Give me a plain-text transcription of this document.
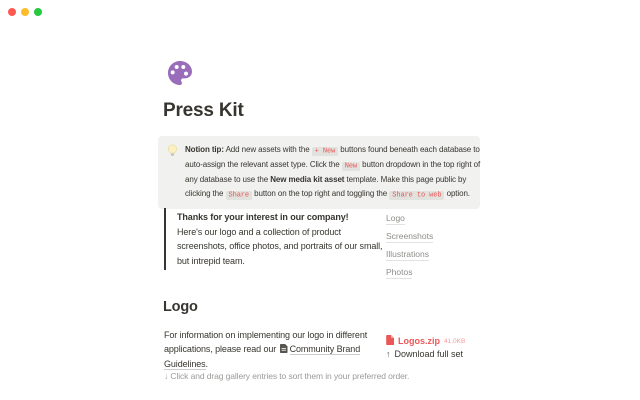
Press Kit
Notion tip: Add new assets with the + New buttons found beneath each database to
auto-assign the relevant asset type. Click the New button dropdown in the top right of
any database to use the New media kit asset template. Make this page public by
clicking the Share button on the top right and toggling the Share to web option.

Thanks for your interest in our company!

Here's our logo and a collection of product screenshots, office photos, and portraits of our small, but intrepid team.

Logo
Screenshots
Illustrations
Photos
Logo
For information on implementing our logo in different applications, please read our Community Brand Guidelines.
Logos.zip 41.0KB
↑ Download full set
↓ Click and drag gallery entries to sort them in your preferred order.
